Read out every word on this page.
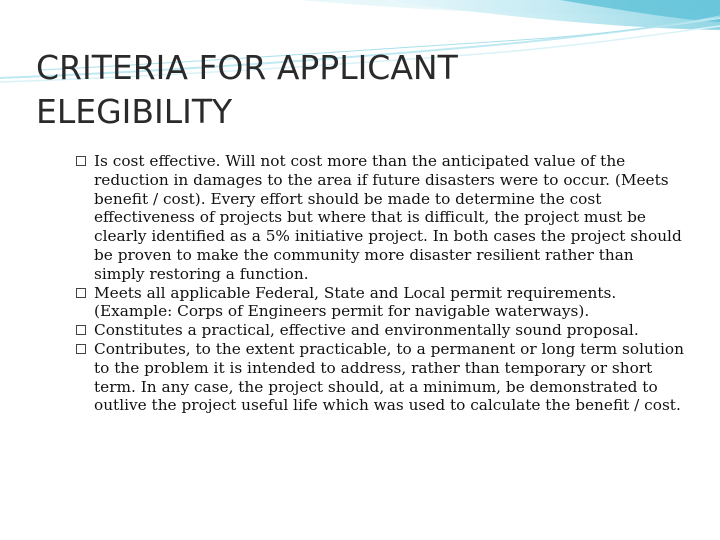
CRITERIA FOR APPLICANT
ELEGIBILITY
Is cost effective. Will not cost more than the anticipated value of the reduction in damages to the area if future disasters were to occur. (Meets benefit / cost). Every effort should be made to determine the cost effectiveness of projects but where that is difficult, the project must be clearly identified as a 5% initiative project. In both cases the project should be proven to make the community more disaster resilient rather than simply restoring a function.
Meets all applicable Federal, State and Local permit requirements. (Example: Corps of Engineers permit for navigable waterways).
Constitutes a practical, effective and environmentally sound proposal.
Contributes, to the extent practicable, to a permanent or long term solution to the problem it is intended to address, rather than temporary or short term. In any case, the project should, at a minimum, be demonstrated to outlive the project useful life which was used to calculate the benefit / cost.
